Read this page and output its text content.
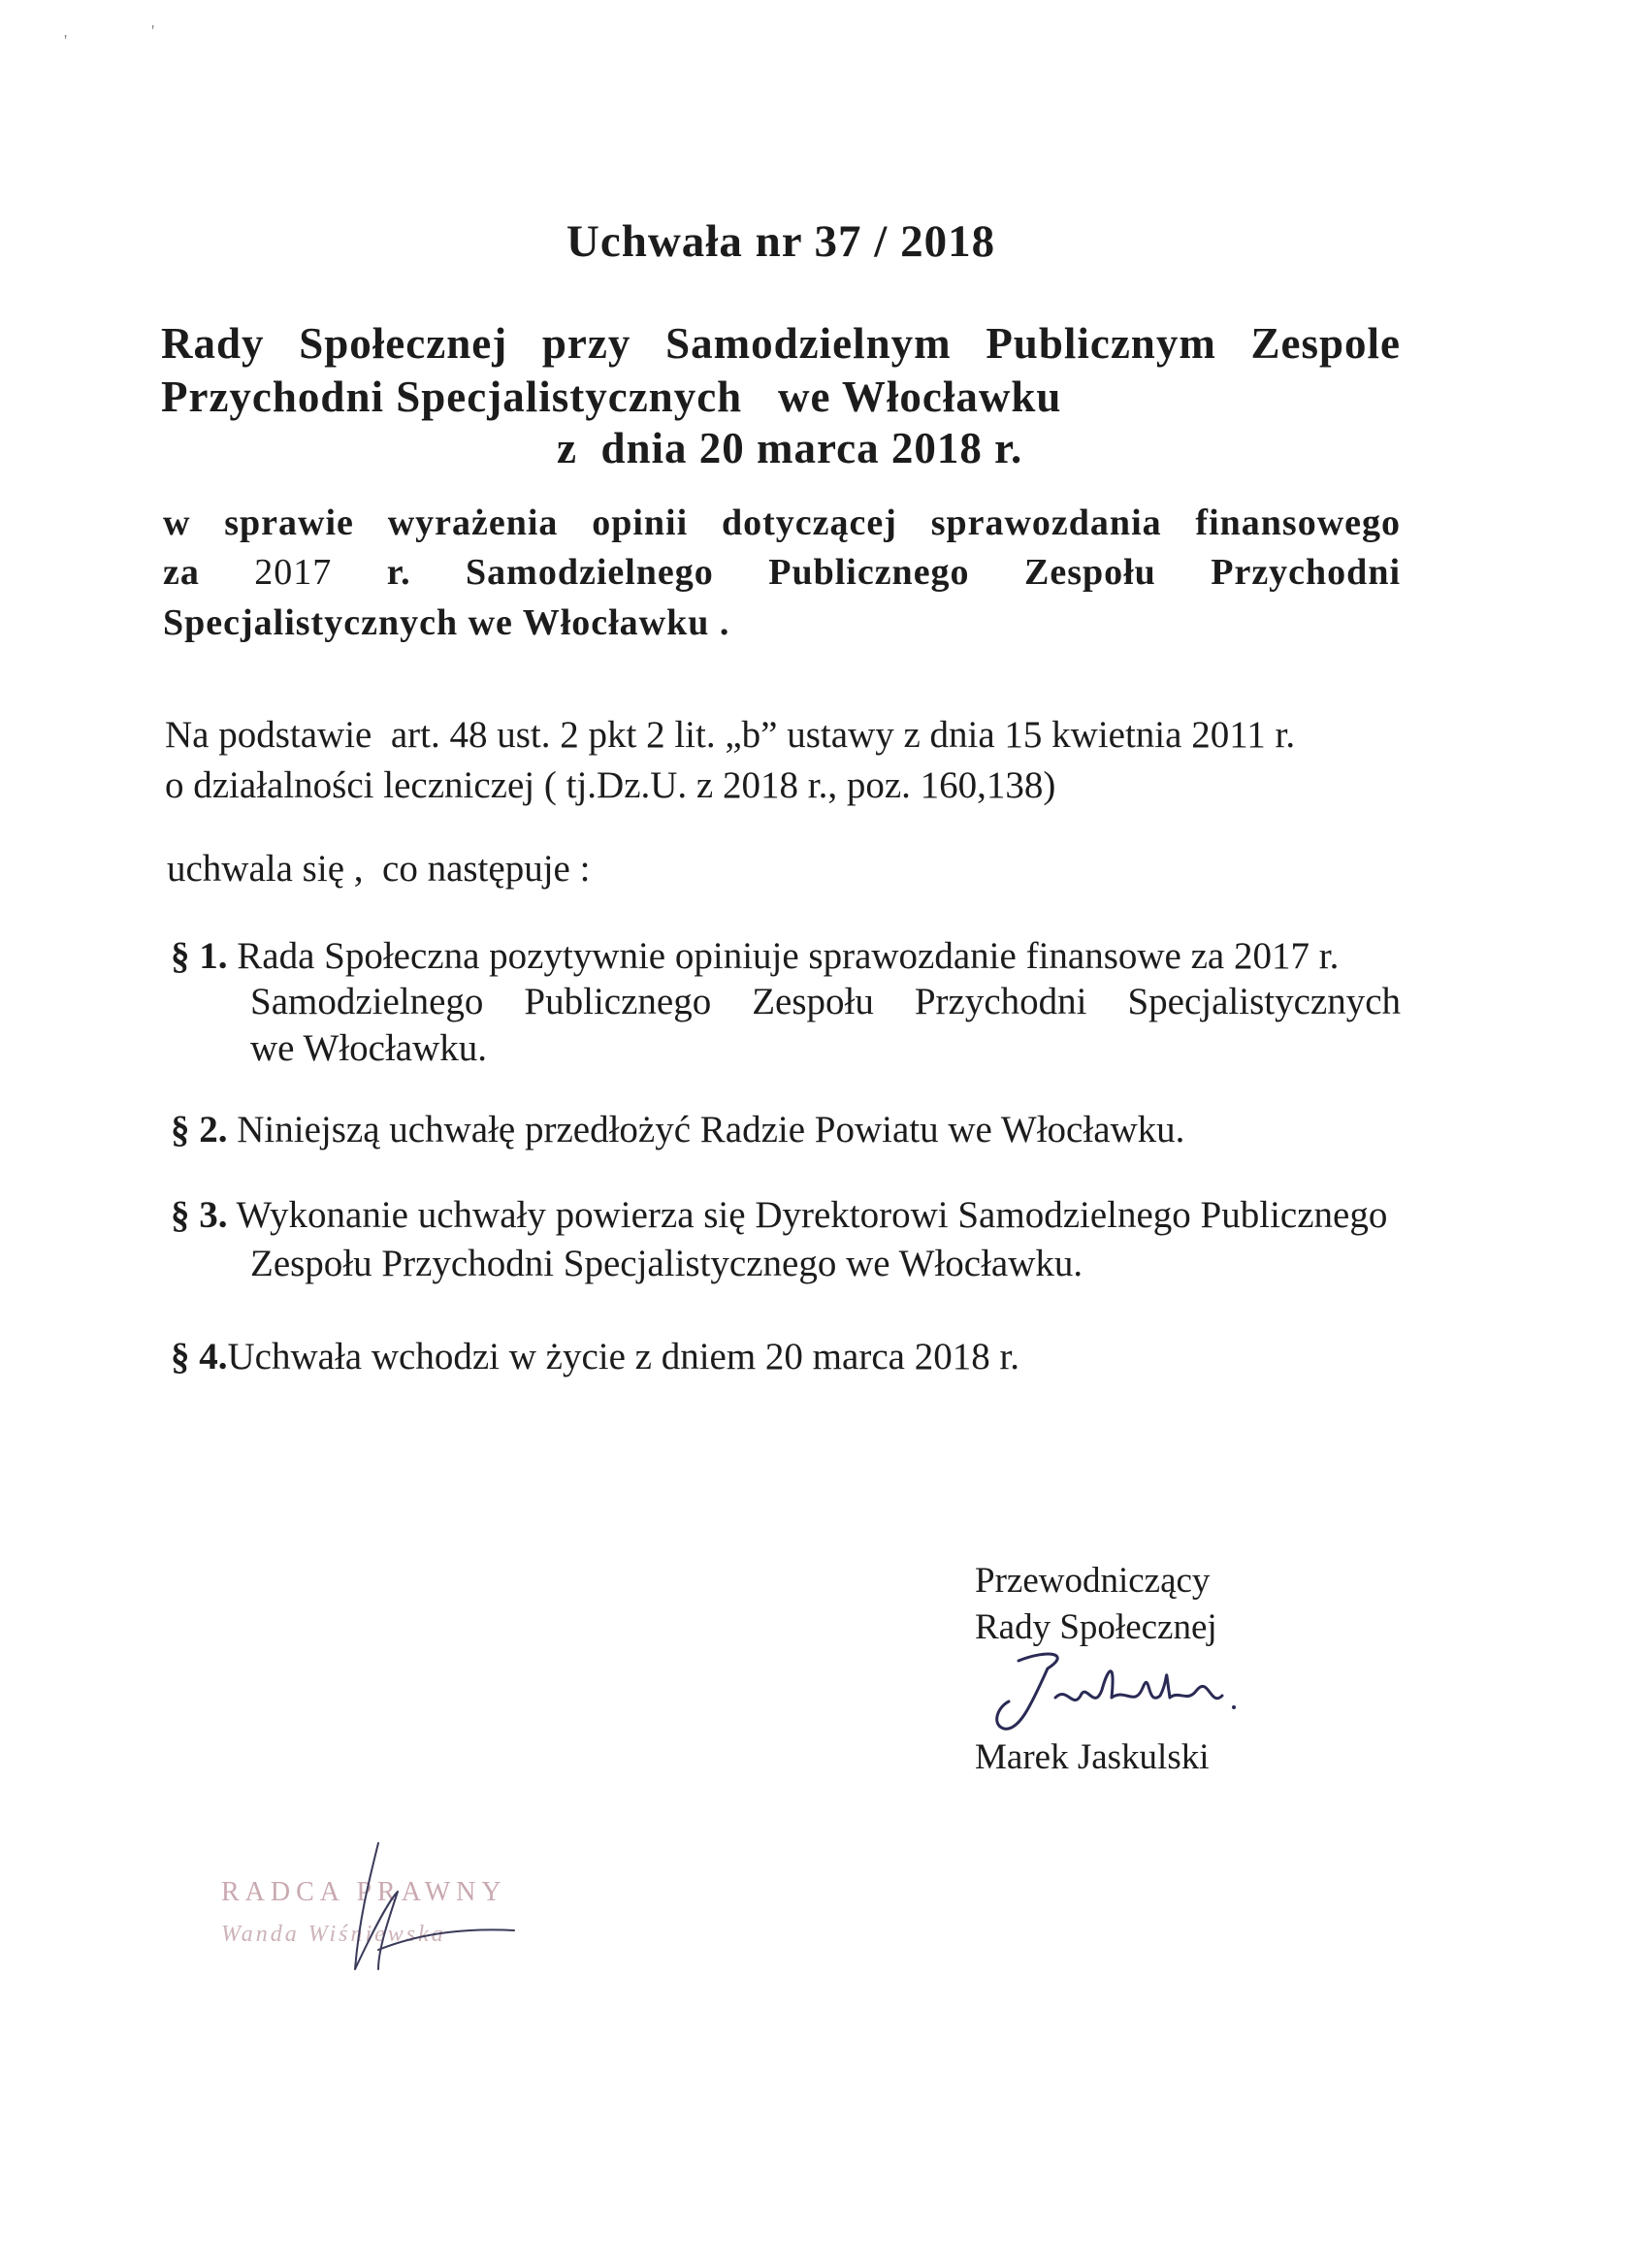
'	'
Uchwała nr 37 / 2018
Rady Społecznej przy Samodzielnym Publicznym Zespole
Przychodni Specjalistycznych   we Włocławku
z  dnia 20 marca 2018 r.
w sprawie wyrażenia opinii dotyczącej sprawozdania finansowego
za 2017 r. Samodzielnego Publicznego Zespołu Przychodni
Specjalistycznych we Włocławku .
Na podstawie  art. 48 ust. 2 pkt 2 lit. „b” ustawy z dnia 15 kwietnia 2011 r.
o działalności leczniczej ( tj.Dz.U. z 2018 r., poz. 160,138)
uchwala się ,  co następuje :
§ 1. Rada Społeczna pozytywnie opiniuje sprawozdanie finansowe za 2017 r.
Samodzielnego Publicznego Zespołu Przychodni Specjalistycznych
we Włocławku.
§ 2. Niniejszą uchwałę przedłożyć Radzie Powiatu we Włocławku.
§ 3. Wykonanie uchwały powierza się Dyrektorowi Samodzielnego Publicznego
Zespołu Przychodni Specjalistycznego we Włocławku.
§ 4.Uchwała wchodzi w życie z dniem 20 marca 2018 r.
Przewodniczący
Rady Społecznej
Marek Jaskulski
RADCA PRAWNY
Wanda Wiśniewska
